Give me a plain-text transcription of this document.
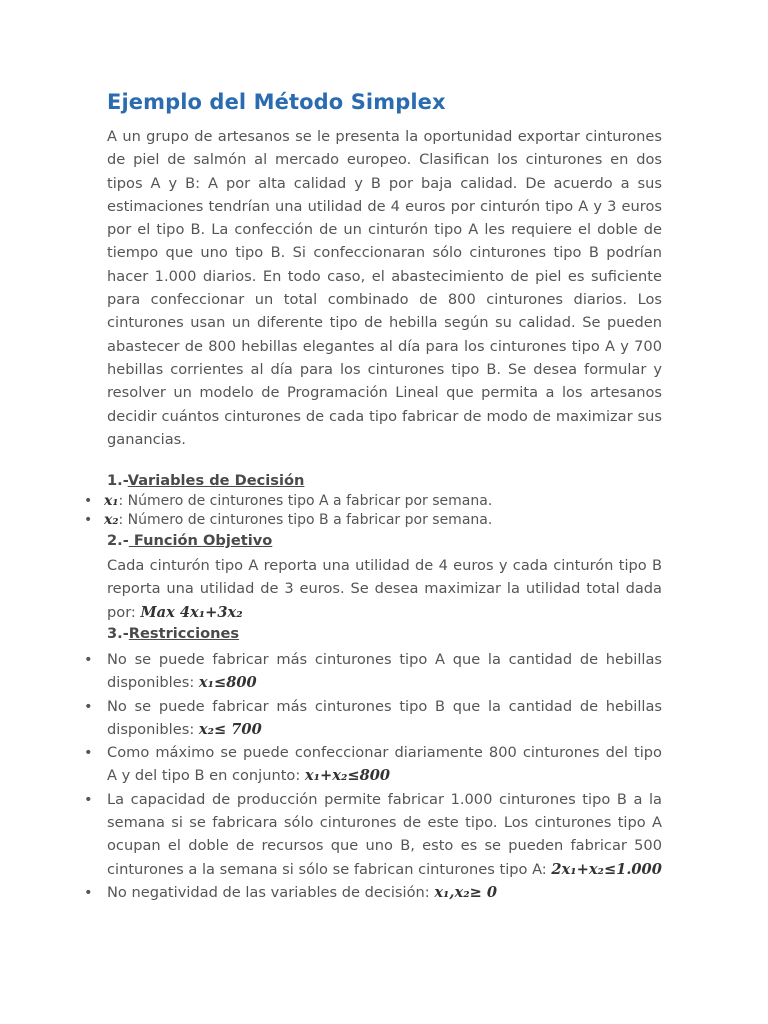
Ejemplo del Método Simplex

A un grupo de artesanos se le presenta la oportunidad exportar cinturones de piel de salmón al mercado europeo. Clasifican los cinturones en dos tipos A y B: A por alta calidad y B por baja calidad. De acuerdo a sus estimaciones tendrían una utilidad de 4 euros por cinturón tipo A y 3 euros por el tipo B. La confección de un cinturón tipo A les requiere el doble de tiempo que uno tipo B. Si confeccionaran sólo cinturones tipo B podrían hacer 1.000 diarios. En todo caso, el abastecimiento de piel es suficiente para confeccionar un total combinado de 800 cinturones diarios. Los cinturones usan un diferente tipo de hebilla según su calidad. Se pueden abastecer de 800 hebillas elegantes al día para los cinturones tipo A y 700 hebillas corrientes al día para los cinturones tipo B. Se desea formular y resolver un modelo de Programación Lineal que permita a los artesanos decidir cuántos cinturones de cada tipo fabricar de modo de maximizar sus ganancias.

1.-Variables de Decisión
• x₁: Número de cinturones tipo A a fabricar por semana.
• x₂: Número de cinturones tipo B a fabricar por semana.
2.- Función Objetivo

Cada cinturón tipo A reporta una utilidad de 4 euros y cada cinturón tipo B reporta una utilidad de 3 euros. Se desea maximizar la utilidad total dada por: Max 4x₁+3x₂

3.-Restricciones
• No se puede fabricar más cinturones tipo A que la cantidad de hebillas disponibles: x₁≤800
• No se puede fabricar más cinturones tipo B que la cantidad de hebillas disponibles: x₂≤ 700
• Como máximo se puede confeccionar diariamente 800 cinturones del tipo A y del tipo B en conjunto: x₁+x₂≤800
• La capacidad de producción permite fabricar 1.000 cinturones tipo B a la semana si se fabricara sólo cinturones de este tipo. Los cinturones tipo A ocupan el doble de recursos que uno B, esto es se pueden fabricar 500 cinturones a la semana si sólo se fabrican cinturones tipo A: 2x₁+x₂≤1.000
• No negatividad de las variables de decisión: x₁,x₂≥ 0
